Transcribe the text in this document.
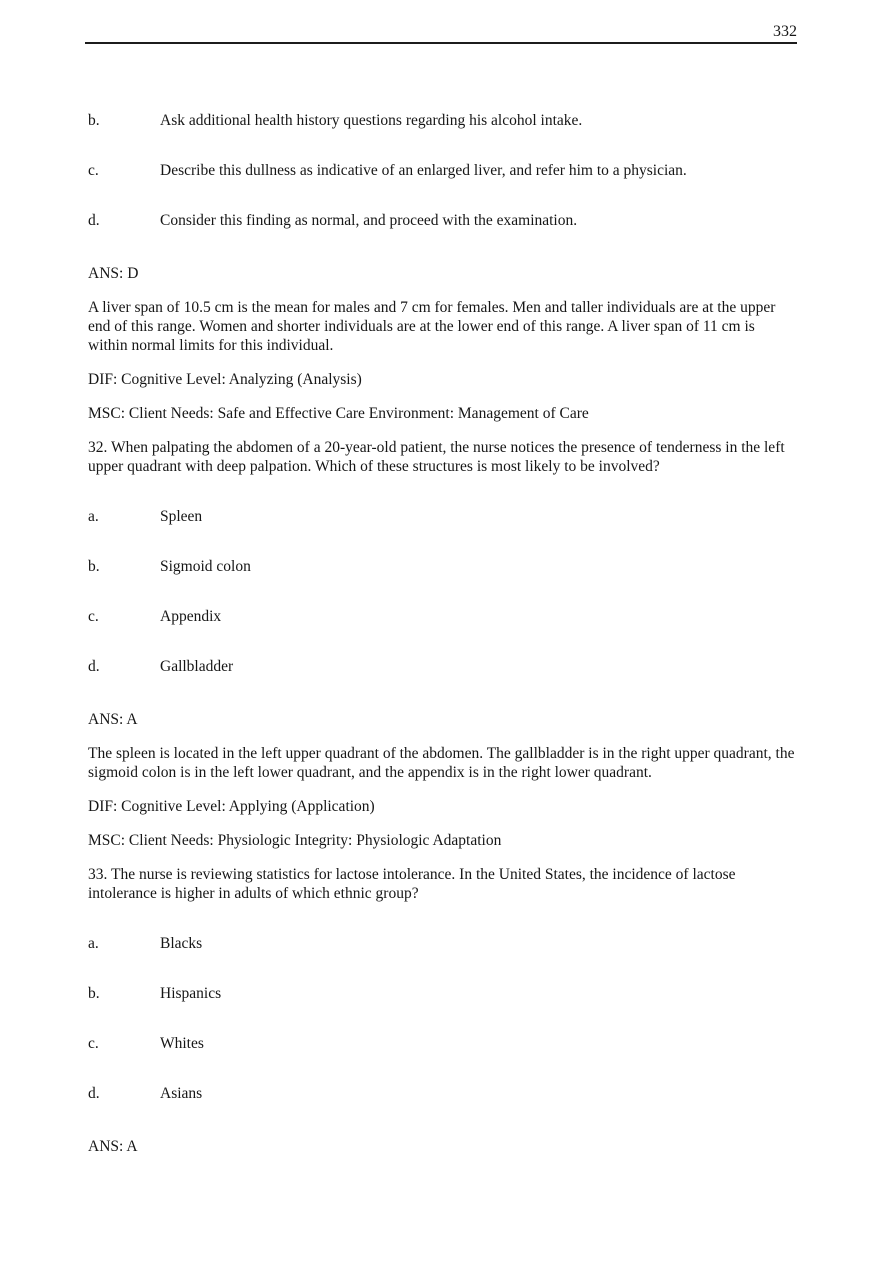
332
b.	Ask additional health history questions regarding his alcohol intake.
c.	Describe this dullness as indicative of an enlarged liver, and refer him to a physician.
d.	Consider this finding as normal, and proceed with the examination.

ANS: D

A liver span of 10.5 cm is the mean for males and 7 cm for females. Men and taller individuals are at the upper end of this range. Women and shorter individuals are at the lower end of this range. A liver span of 11 cm is within normal limits for this individual.

DIF: Cognitive Level: Analyzing (Analysis)

MSC: Client Needs: Safe and Effective Care Environment: Management of Care

32. When palpating the abdomen of a 20-year-old patient, the nurse notices the presence of tenderness in the left upper quadrant with deep palpation. Which of these structures is most likely to be involved?

a.	Spleen
b.	Sigmoid colon
c.	Appendix
d.	Gallbladder

ANS: A

The spleen is located in the left upper quadrant of the abdomen. The gallbladder is in the right upper quadrant, the sigmoid colon is in the left lower quadrant, and the appendix is in the right lower quadrant.

DIF: Cognitive Level: Applying (Application)

MSC: Client Needs: Physiologic Integrity: Physiologic Adaptation

33. The nurse is reviewing statistics for lactose intolerance. In the United States, the incidence of lactose intolerance is higher in adults of which ethnic group?

a.	Blacks
b.	Hispanics
c.	Whites
d.	Asians

ANS: A
